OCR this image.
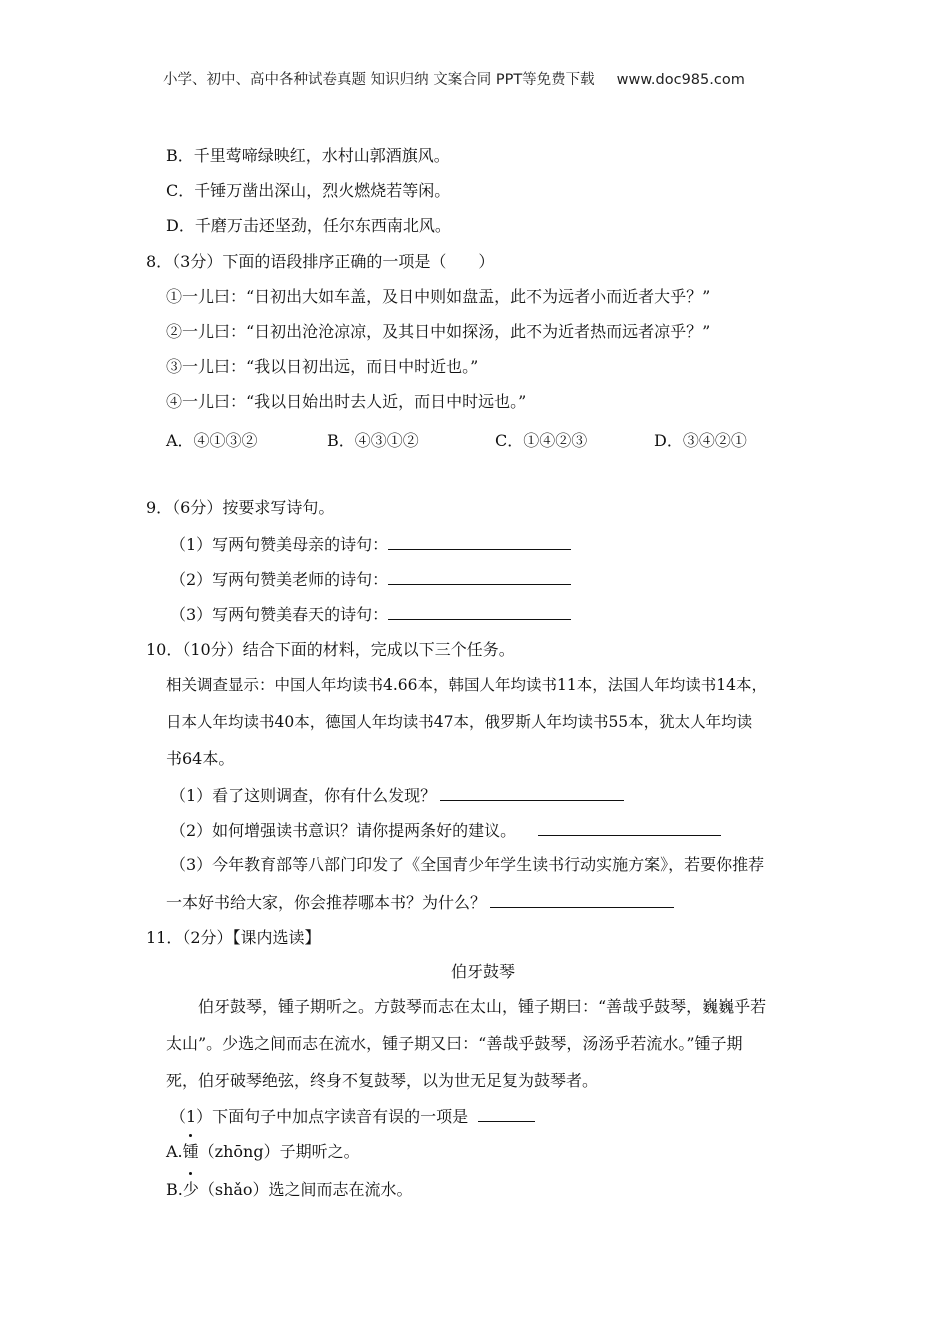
小学、初中、高中各种试卷真题 知识归纳 文案合同 PPT等免费下载 www.doc985.com
B．千里莺啼绿映红，水村山郭酒旗风。
C．千锤万凿出深山，烈火燃烧若等闲。
D．千磨万击还坚劲，任尔东西南北风。
8．（3分）下面的语段排序正确的一项是（　　）
①一儿曰：“日初出大如车盖，及日中则如盘盂，此不为远者小而近者大乎？”
②一儿曰：“日初出沧沧凉凉，及其日中如探汤，此不为近者热而远者凉乎？”
③一儿曰：“我以日初出远，而日中时近也。”
④一儿曰：“我以日始出时去人近，而日中时远也。”
A．④①③②	B．④③①②	C．①④②③	D．③④②①
9．（6分）按要求写诗句。
（1）写两句赞美母亲的诗句：
（2）写两句赞美老师的诗句：
（3）写两句赞美春天的诗句：
10．（10分）结合下面的材料，完成以下三个任务。
相关调查显示：中国人年均读书4.66本，韩国人年均读书11本，法国人年均读书14本，
日本人年均读书40本，德国人年均读书47本，俄罗斯人年均读书55本，犹太人年均读
书64本。
（1）看了这则调查，你有什么发现？
（2）如何增强读书意识？请你提两条好的建议。
（3）今年教育部等八部门印发了《全国青少年学生读书行动实施方案》，若要你推荐
一本好书给大家，你会推荐哪本书？为什么？
11．（2分）【课内选读】
伯牙鼓琴
伯牙鼓琴，锺子期听之。方鼓琴而志在太山，锺子期曰：“善哉乎鼓琴，巍巍乎若
太山”。少选之间而志在流水，锺子期又曰：“善哉乎鼓琴，汤汤乎若流水。”锺子期
死，伯牙破琴绝弦，终身不复鼓琴，以为世无足复为鼓琴者。
（1）下面句子中加点字读音有误的一项是
A.锺（zhōng）子期听之。
B.少（shǎo）选之间而志在流水。
